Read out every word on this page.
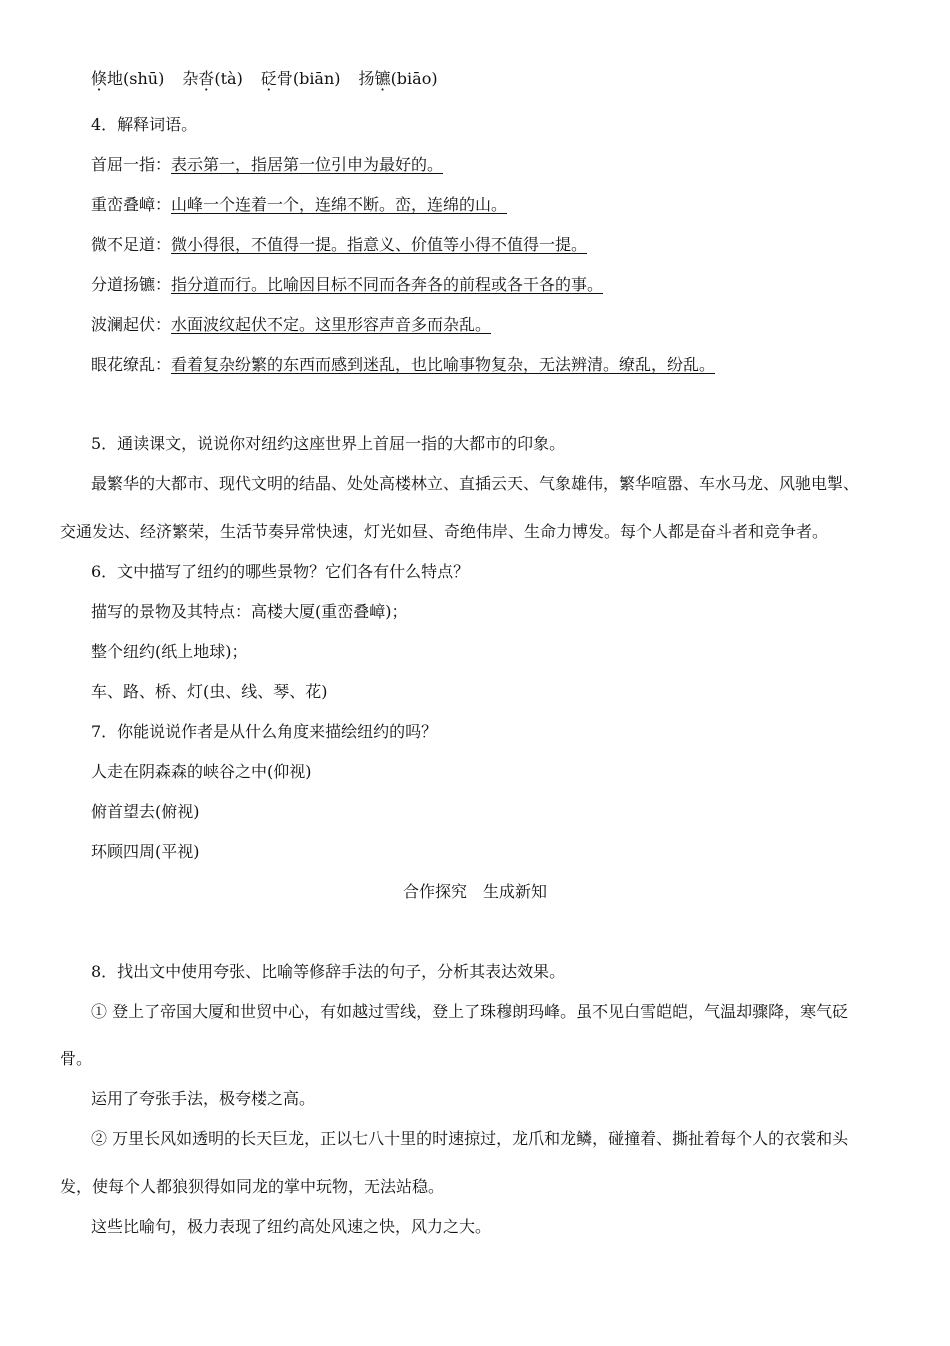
倏地(shū) 杂沓(tà) 砭骨(biān) 扬镳(biāo)
4．解释词语。
首屈一指：表示第一，指居第一位引申为最好的。
重峦叠嶂：山峰一个连着一个，连绵不断。峦，连绵的山。
微不足道：微小得很，不值得一提。指意义、价值等小得不值得一提。
分道扬镳：指分道而行。比喻因目标不同而各奔各的前程或各干各的事。
波澜起伏：水面波纹起伏不定。这里形容声音多而杂乱。
眼花缭乱：看着复杂纷繁的东西而感到迷乱，也比喻事物复杂，无法辨清。缭乱，纷乱。
5．通读课文，说说你对纽约这座世界上首屈一指的大都市的印象。
最繁华的大都市、现代文明的结晶、处处高楼林立、直插云天、气象雄伟，繁华喧嚣、车水马龙、风驰电掣、
交通发达、经济繁荣，生活节奏异常快速，灯光如昼、奇绝伟岸、生命力博发。每个人都是奋斗者和竞争者。
6．文中描写了纽约的哪些景物？它们各有什么特点？
描写的景物及其特点：高楼大厦(重峦叠嶂)；
整个纽约(纸上地球)；
车、路、桥、灯(虫、线、琴、花)
7．你能说说作者是从什么角度来描绘纽约的吗？
人走在阴森森的峡谷之中(仰视)
俯首望去(俯视)
环顾四周(平视)
合作探究　生成新知
8．找出文中使用夸张、比喻等修辞手法的句子，分析其表达效果。
① 登上了帝国大厦和世贸中心，有如越过雪线，登上了珠穆朗玛峰。虽不见白雪皑皑，气温却骤降，寒气砭
骨。
运用了夸张手法，极夸楼之高。
② 万里长风如透明的长天巨龙，正以七八十里的时速掠过，龙爪和龙鳞，碰撞着、撕扯着每个人的衣裳和头
发，使每个人都狼狈得如同龙的掌中玩物，无法站稳。
这些比喻句，极力表现了纽约高处风速之快，风力之大。
